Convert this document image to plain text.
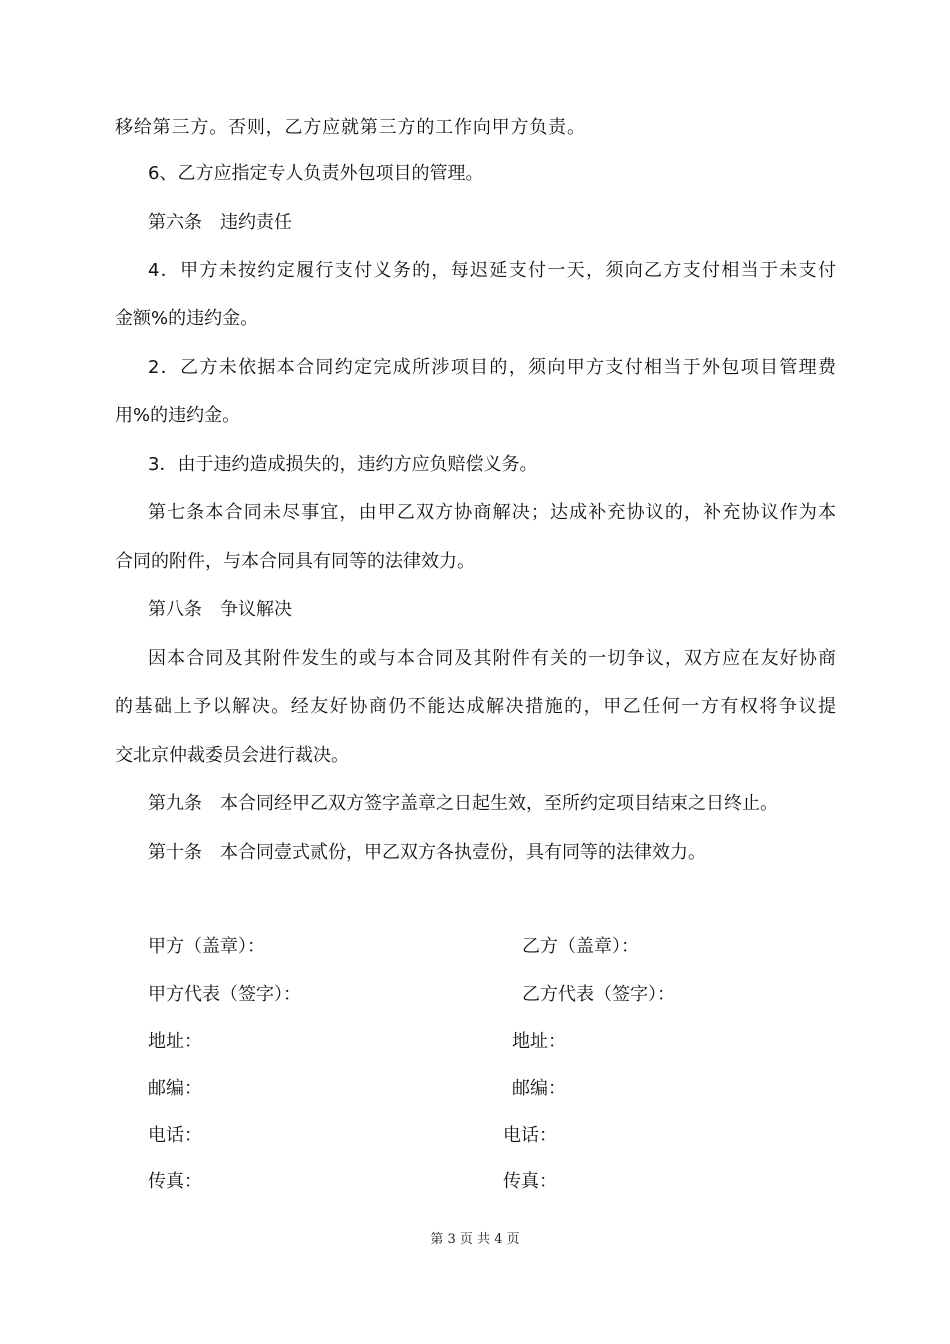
移给第三方。否则，乙方应就第三方的工作向甲方负责。
6、乙方应指定专人负责外包项目的管理。
第六条　违约责任
4．甲方未按约定履行支付义务的，每迟延支付一天，须向乙方支付相当于未支付
金额%的违约金。
2．乙方未依据本合同约定完成所涉项目的，须向甲方支付相当于外包项目管理费
用%的违约金。
3．由于违约造成损失的，违约方应负赔偿义务。
第七条本合同未尽事宜，由甲乙双方协商解决；达成补充协议的，补充协议作为本
合同的附件，与本合同具有同等的法律效力。
第八条　争议解决
因本合同及其附件发生的或与本合同及其附件有关的一切争议，双方应在友好协商
的基础上予以解决。经友好协商仍不能达成解决措施的，甲乙任何一方有权将争议提
交北京仲裁委员会进行裁决。
第九条　本合同经甲乙双方签字盖章之日起生效，至所约定项目结束之日终止。
第十条　本合同壹式贰份，甲乙双方各执壹份，具有同等的法律效力。
甲方（盖章）：
甲方代表（签字）：
地址：
邮编：
电话：
传真：
乙方（盖章）：
乙方代表（签字）：
地址：
邮编：
电话：
传真：
第 3 页 共 4 页
